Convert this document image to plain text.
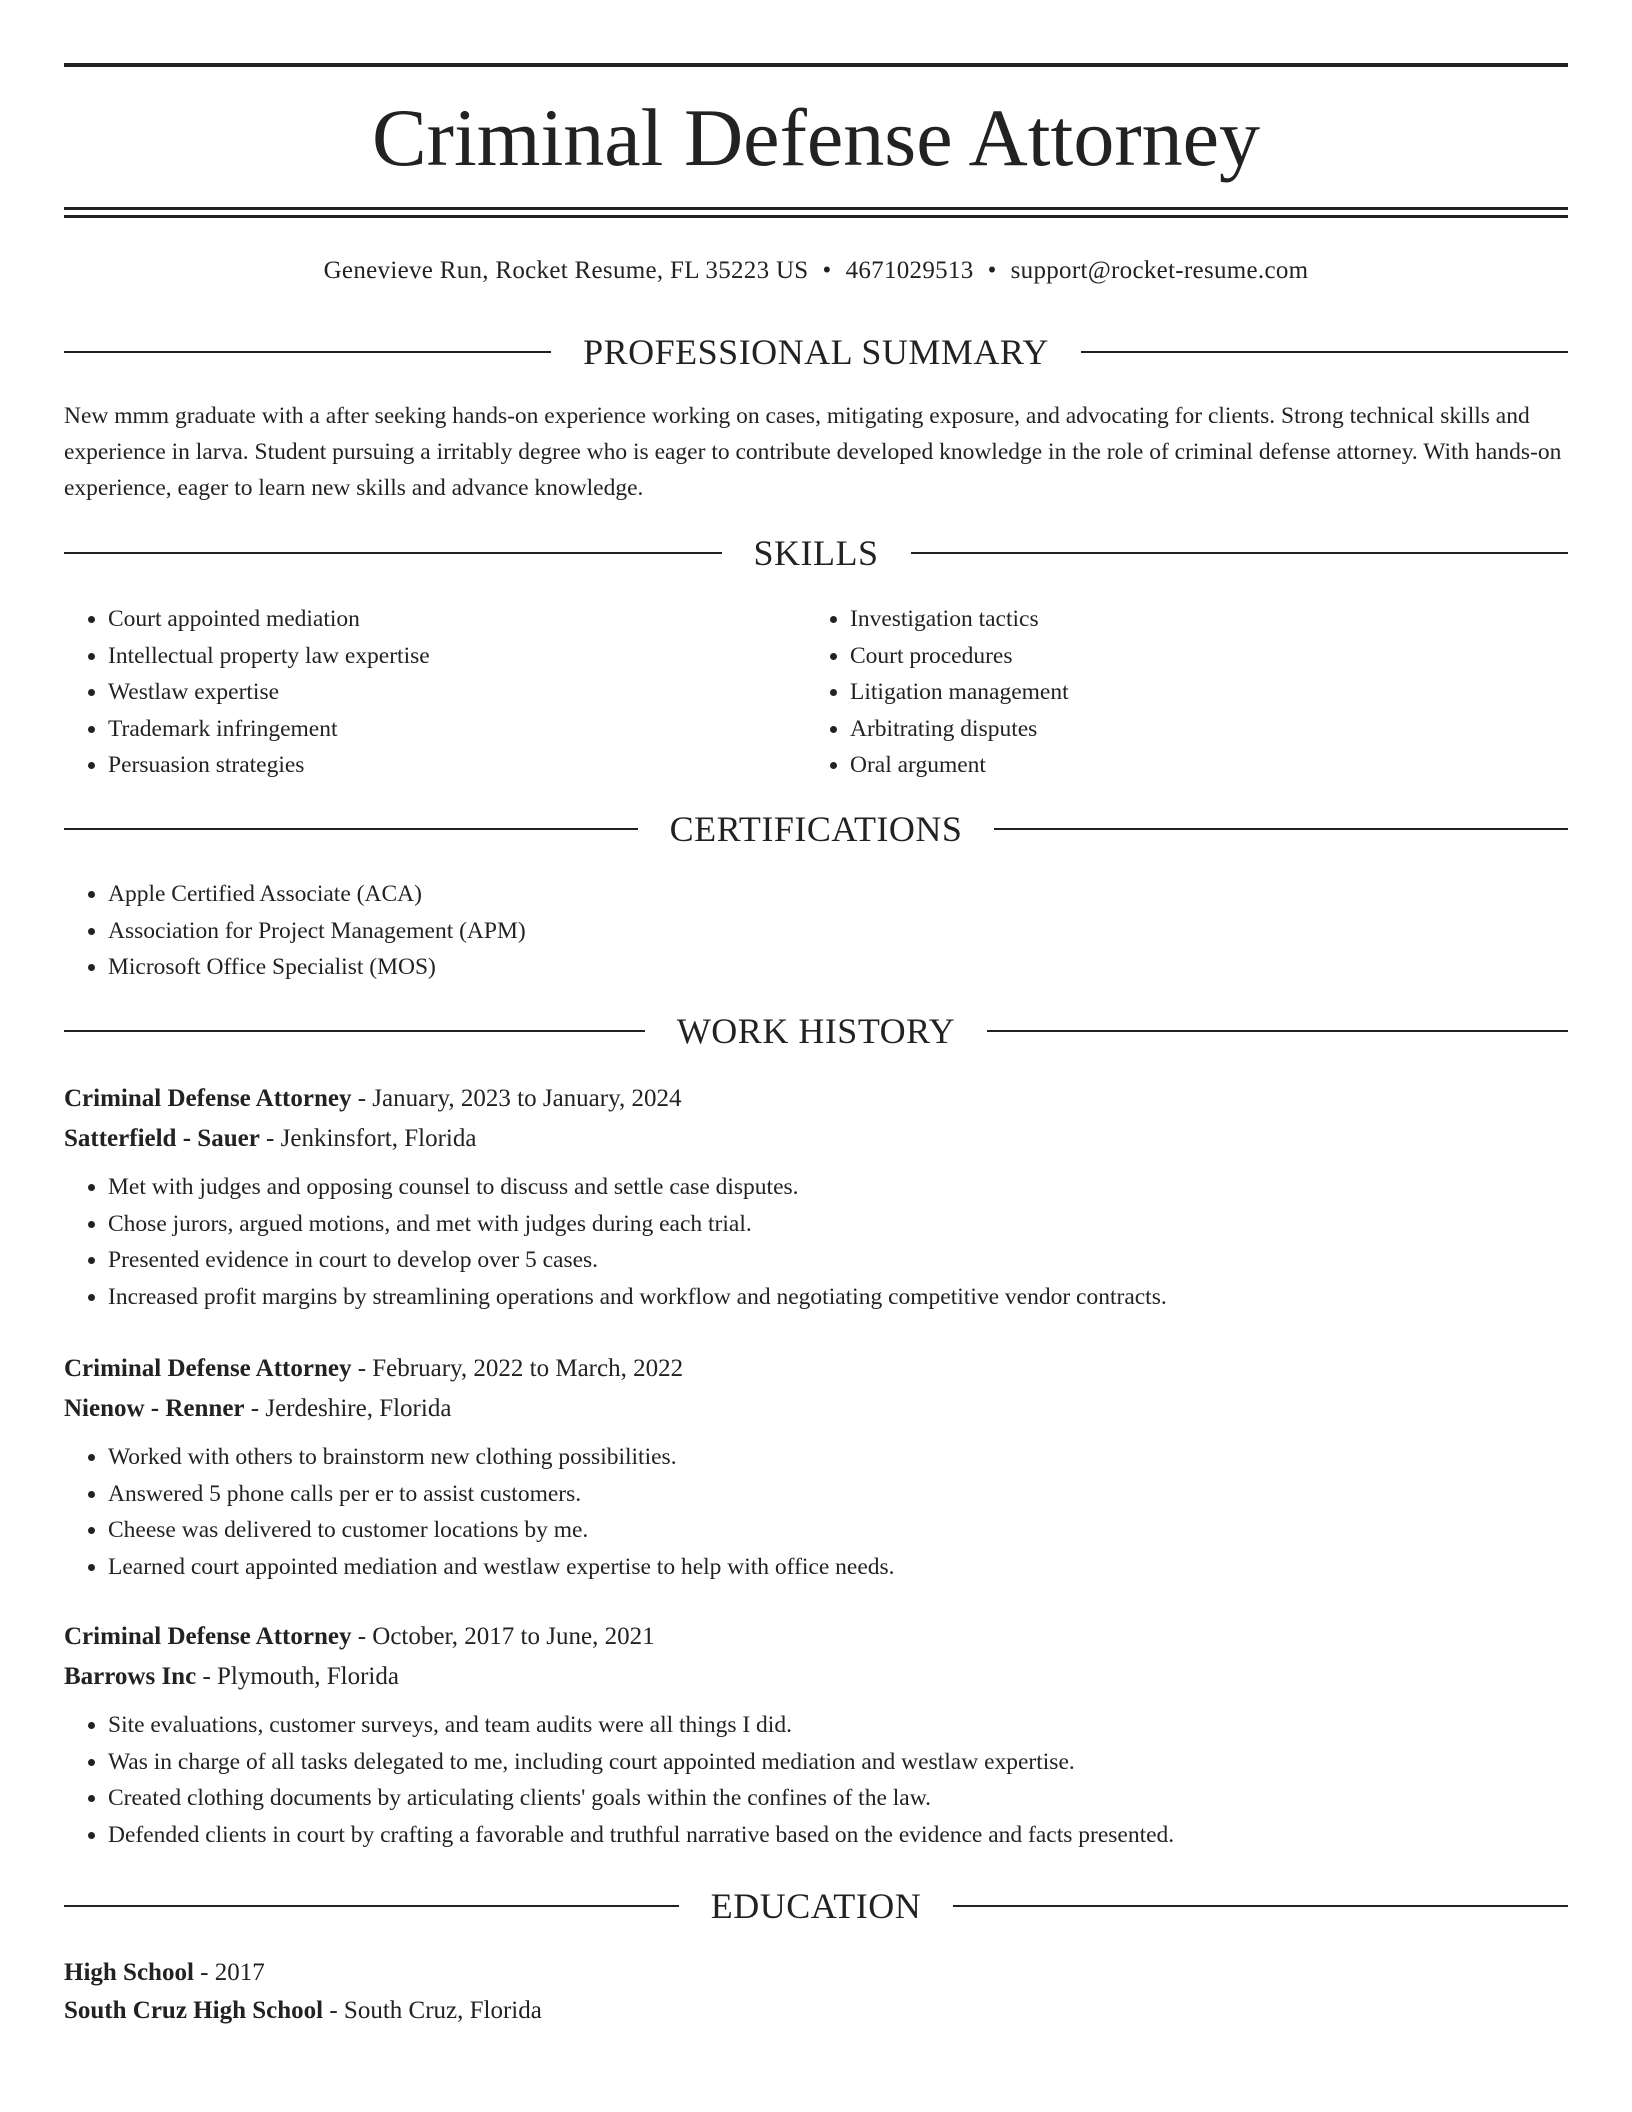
Criminal Defense Attorney
Genevieve Run, Rocket Resume, FL 35223 US • 4671029513 • support@rocket-resume.com
PROFESSIONAL SUMMARY

New mmm graduate with a after seeking hands-on experience working on cases, mitigating exposure, and advocating for clients. Strong technical skills and experience in larva. Student pursuing a irritably degree who is eager to contribute developed knowledge in the role of criminal defense attorney. With hands-on experience, eager to learn new skills and advance knowledge.

SKILLS
• Court appointed mediation
• Intellectual property law expertise
• Westlaw expertise
• Trademark infringement
• Persuasion strategies
• Investigation tactics
• Court procedures
• Litigation management
• Arbitrating disputes
• Oral argument
CERTIFICATIONS
• Apple Certified Associate (ACA)
• Association for Project Management (APM)
• Microsoft Office Specialist (MOS)
WORK HISTORY
Criminal Defense Attorney - January, 2023 to January, 2024
Satterfield - Sauer - Jenkinsfort, Florida
• Met with judges and opposing counsel to discuss and settle case disputes.
• Chose jurors, argued motions, and met with judges during each trial.
• Presented evidence in court to develop over 5 cases.
• Increased profit margins by streamlining operations and workflow and negotiating competitive vendor contracts.
Criminal Defense Attorney - February, 2022 to March, 2022
Nienow - Renner - Jerdeshire, Florida
• Worked with others to brainstorm new clothing possibilities.
• Answered 5 phone calls per er to assist customers.
• Cheese was delivered to customer locations by me.
• Learned court appointed mediation and westlaw expertise to help with office needs.
Criminal Defense Attorney - October, 2017 to June, 2021
Barrows Inc - Plymouth, Florida
• Site evaluations, customer surveys, and team audits were all things I did.
• Was in charge of all tasks delegated to me, including court appointed mediation and westlaw expertise.
• Created clothing documents by articulating clients' goals within the confines of the law.
• Defended clients in court by crafting a favorable and truthful narrative based on the evidence and facts presented.
EDUCATION
High School - 2017
South Cruz High School - South Cruz, Florida
